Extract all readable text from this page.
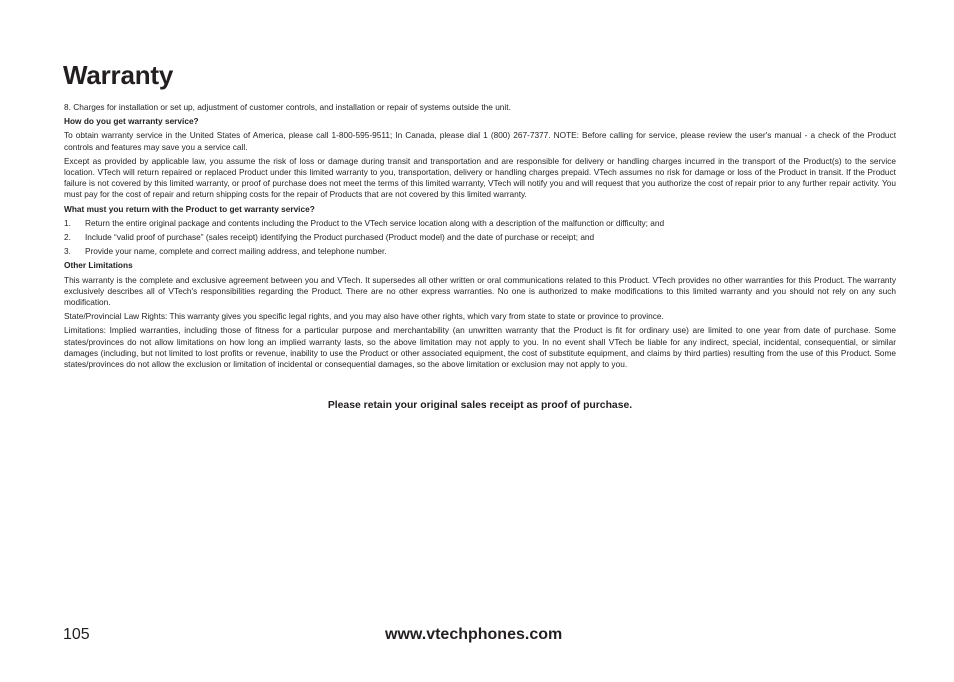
Warranty

8. Charges for installation or set up, adjustment of customer controls, and installation or repair of systems outside the unit.

How do you get warranty service?

To obtain warranty service in the United States of America, please call 1-800-595-9511; In Canada, please dial 1 (800) 267-7377. NOTE: Before calling for service, please review the user's manual - a check of the Product controls and features may save you a service call.

Except as provided by applicable law, you assume the risk of loss or damage during transit and transportation and are responsible for delivery or handling charges incurred in the transport of the Product(s) to the service location. VTech will return repaired or replaced Product under this limited warranty to you, transportation, delivery or handling charges prepaid. VTech assumes no risk for damage or loss of the Product in transit. If the Product failure is not covered by this limited warranty, or proof of purchase does not meet the terms of this limited warranty, VTech will notify you and will request that you authorize the cost of repair prior to any further repair activity. You must pay for the cost of repair and return shipping costs for the repair of Products that are not covered by this limited warranty.

What must you return with the Product to get warranty service?
1. Return the entire original package and contents including the Product to the VTech service location along with a description of the malfunction or difficulty; and
2. Include “valid proof of purchase” (sales receipt) identifying the Product purchased (Product model) and the date of purchase or receipt; and
3. Provide your name, complete and correct mailing address, and telephone number.
Other Limitations

This warranty is the complete and exclusive agreement between you and VTech. It supersedes all other written or oral communications related to this Product. VTech provides no other warranties for this Product. The warranty exclusively describes all of VTech's responsibilities regarding the Product. There are no other express warranties. No one is authorized to make modifications to this limited warranty and you should not rely on any such modification.

State/Provincial Law Rights: This warranty gives you specific legal rights, and you may also have other rights, which vary from state to state or province to province.

Limitations: Implied warranties, including those of fitness for a particular purpose and merchantability (an unwritten warranty that the Product is fit for ordinary use) are limited to one year from date of purchase. Some states/provinces do not allow limitations on how long an implied warranty lasts, so the above limitation may not apply to you. In no event shall VTech be liable for any indirect, special, incidental, consequential, or similar damages (including, but not limited to lost profits or revenue, inability to use the Product or other associated equipment, the cost of substitute equipment, and claims by third parties) resulting from the use of this Product. Some states/provinces do not allow the exclusion or limitation of incidental or consequential damages, so the above limitation or exclusion may not apply to you.

Please retain your original sales receipt as proof of purchase.
105	www.vtechphones.com
